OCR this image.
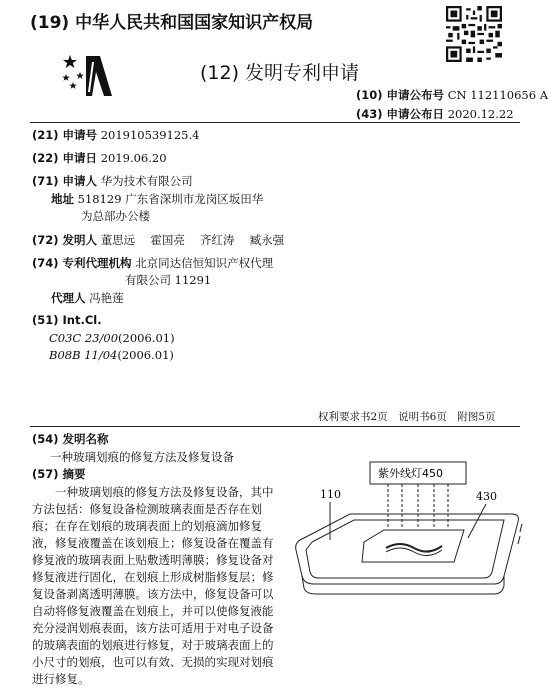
(19) 中华人民共和国国家知识产权局
(12) 发明专利申请
(10) 申请公布号 CN 112110656 A
(43) 申请公布日 2020.12.22
(21) 申请号 201910539125.4
(22) 申请日 2019.06.20
(71) 申请人 华为技术有限公司
地址 518129 广东省深圳市龙岗区坂田华
为总部办公楼
(72) 发明人 董思远 　霍国亮 　齐红涛 　臧永强
(74) 专利代理机构 北京同达信恒知识产权代理
有限公司 11291
代理人 冯艳莲
(51) Int.Cl.
C03C 23/00(2006.01)
B08B 11/04(2006.01)
权利要求书2页　说明书6页　附图5页
(54) 发明名称
一种玻璃划痕的修复方法及修复设备
(57) 摘要
　　一种玻璃划痕的修复方法及修复设备，其中
方法包括：修复设备检测玻璃表面是否存在划
痕；在存在划痕的玻璃表面上的划痕滴加修复
液，修复液覆盖在该划痕上；修复设备在覆盖有
修复液的玻璃表面上贴敷透明薄膜；修复设备对
修复液进行固化，在划痕上形成树脂修复层；修
复设备剥离透明薄膜。该方法中，修复设备可以
自动将修复液覆盖在划痕上，并可以使修复液能
充分浸润划痕表面，该方法可适用于对电子设备
的玻璃表面的划痕进行修复，对于玻璃表面上的
小尺寸的划痕，也可以有效、无损的实现对划痕
进行修复。
紫外线灯450
110	430
